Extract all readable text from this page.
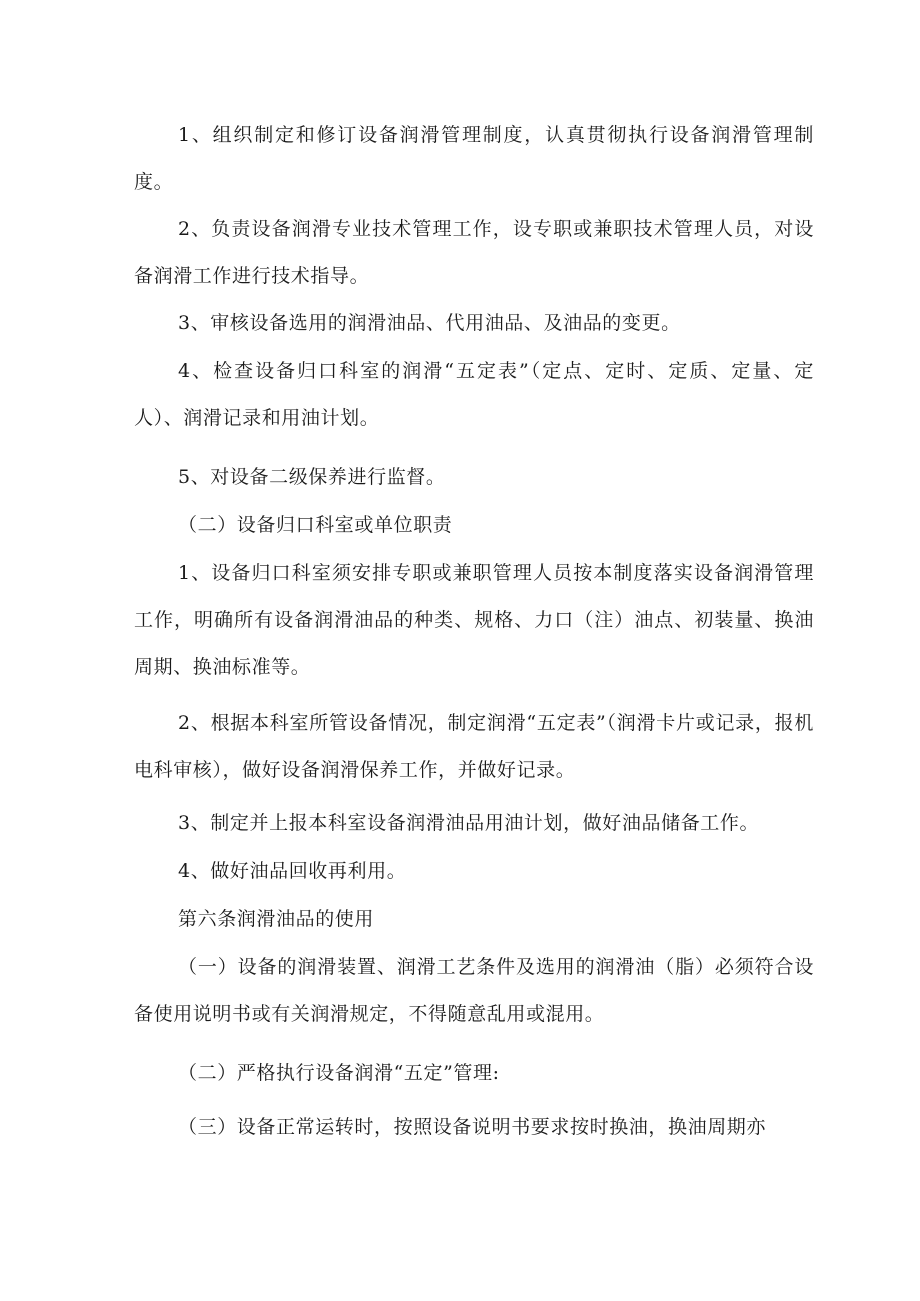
1、组织制定和修订设备润滑管理制度，认真贯彻执行设备润滑管理制度。

2、负责设备润滑专业技术管理工作，设专职或兼职技术管理人员，对设备润滑工作进行技术指导。

3、审核设备选用的润滑油品、代用油品、及油品的变更。

4、检查设备归口科室的润滑“五定表”（定点、定时、定质、定量、定人）、润滑记录和用油计划。

5、对设备二级保养进行监督。

（二）设备归口科室或单位职责

1、设备归口科室须安排专职或兼职管理人员按本制度落实设备润滑管理工作，明确所有设备润滑油品的种类、规格、力口（注）油点、初装量、换油周期、换油标准等。

2、根据本科室所管设备情况，制定润滑“五定表”（润滑卡片或记录，报机电科审核），做好设备润滑保养工作，并做好记录。

3、制定并上报本科室设备润滑油品用油计划，做好油品储备工作。

4、做好油品回收再利用。

第六条润滑油品的使用

（一）设备的润滑装置、润滑工艺条件及选用的润滑油（脂）必须符合设备使用说明书或有关润滑规定，不得随意乱用或混用。

（二）严格执行设备润滑“五定”管理:

（三）设备正常运转时，按照设备说明书要求按时换油，换油周期亦
